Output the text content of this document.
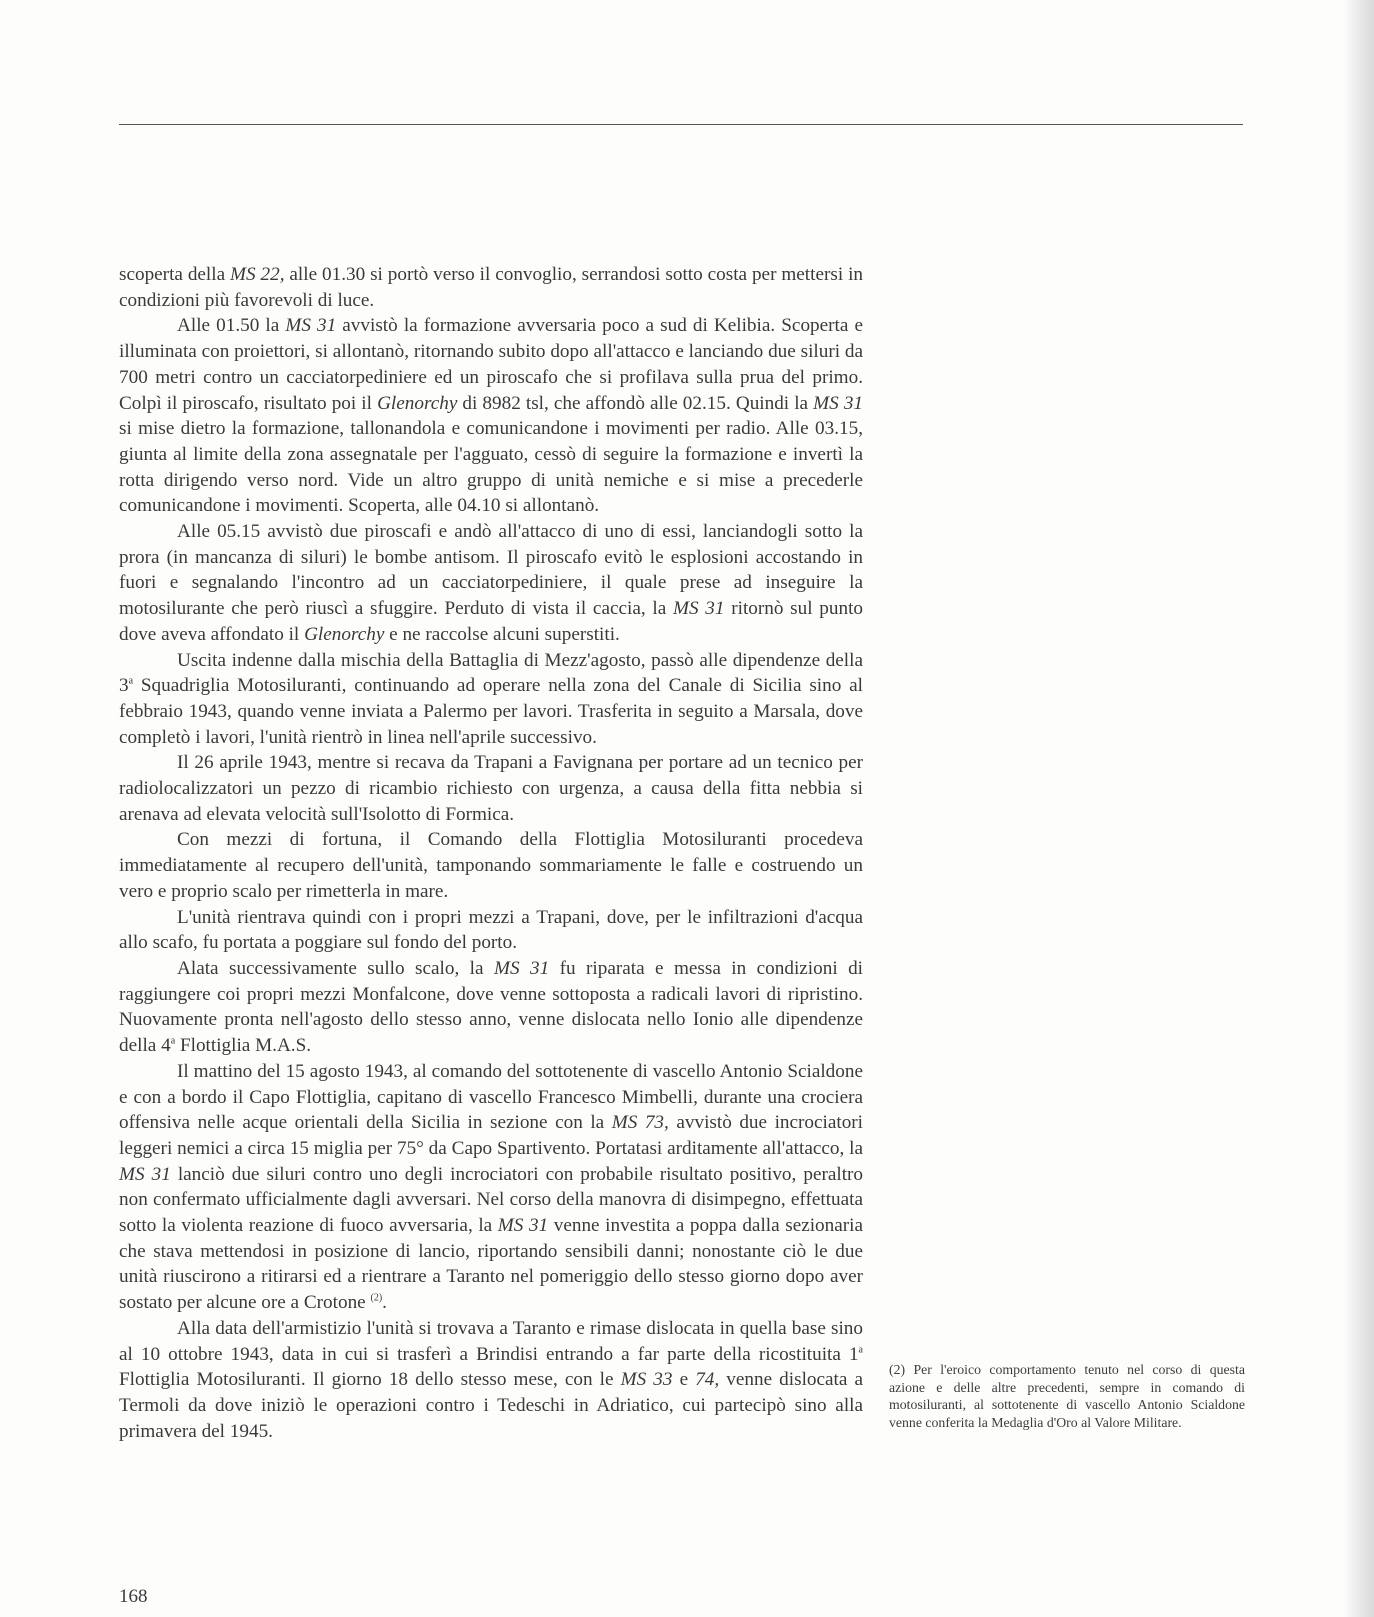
scoperta della MS 22, alle 01.30 si portò verso il convoglio, serrandosi sotto costa per mettersi in condizioni più favorevoli di luce.

Alle 01.50 la MS 31 avvistò la formazione avversaria poco a sud di Kelibia. Scoperta e illuminata con proiettori, si allontanò, ritornando subito dopo all'attacco e lanciando due siluri da 700 metri contro un cacciatorpediniere ed un piroscafo che si profilava sulla prua del primo. Colpì il piroscafo, risultato poi il Glenorchy di 8982 tsl, che affondò alle 02.15. Quindi la MS 31 si mise dietro la formazione, tallonandola e comunicandone i movimenti per radio. Alle 03.15, giunta al limite della zona assegnatale per l'agguato, cessò di seguire la formazione e invertì la rotta dirigendo verso nord. Vide un altro gruppo di unità nemiche e si mise a precederle comunicandone i movimenti. Scoperta, alle 04.10 si allontanò.

Alle 05.15 avvistò due piroscafi e andò all'attacco di uno di essi, lanciandogli sotto la prora (in mancanza di siluri) le bombe antisom. Il piroscafo evitò le esplosioni accostando in fuori e segnalando l'incontro ad un cacciatorpediniere, il quale prese ad inseguire la motosilurante che però riuscì a sfuggire. Perduto di vista il caccia, la MS 31 ritornò sul punto dove aveva affondato il Glenorchy e ne raccolse alcuni superstiti.

Uscita indenne dalla mischia della Battaglia di Mezz'agosto, passò alle dipendenze della 3$^a$ Squadriglia Motosiluranti, continuando ad operare nella zona del Canale di Sicilia sino al febbraio 1943, quando venne inviata a Palermo per lavori. Trasferita in seguito a Marsala, dove completò i lavori, l'unità rientrò in linea nell'aprile successivo.

Il 26 aprile 1943, mentre si recava da Trapani a Favignana per portare ad un tecnico per radiolocalizzatori un pezzo di ricambio richiesto con urgenza, a causa della fitta nebbia si arenava ad elevata velocità sull'Isolotto di Formica.

Con mezzi di fortuna, il Comando della Flottiglia Motosiluranti procedeva immediatamente al recupero dell'unità, tamponando sommariamente le falle e costruendo un vero e proprio scalo per rimetterla in mare.

L'unità rientrava quindi con i propri mezzi a Trapani, dove, per le infiltrazioni d'acqua allo scafo, fu portata a poggiare sul fondo del porto.

Alata successivamente sullo scalo, la MS 31 fu riparata e messa in condizioni di raggiungere coi propri mezzi Monfalcone, dove venne sottoposta a radicali lavori di ripristino. Nuovamente pronta nell'agosto dello stesso anno, venne dislocata nello Ionio alle dipendenze della 4$^a$ Flottiglia M.A.S.

Il mattino del 15 agosto 1943, al comando del sottotenente di vascello Antonio Scialdone e con a bordo il Capo Flottiglia, capitano di vascello Francesco Mimbelli, durante una crociera offensiva nelle acque orientali della Sicilia in sezione con la MS 73, avvistò due incrociatori leggeri nemici a circa 15 miglia per 75° da Capo Spartivento. Portatasi arditamente all'attacco, la MS 31 lanciò due siluri contro uno degli incrociatori con probabile risultato positivo, peraltro non confermato ufficialmente dagli avversari. Nel corso della manovra di disimpegno, effettuata sotto la violenta reazione di fuoco avversaria, la MS 31 venne investita a poppa dalla sezionaria che stava mettendosi in posizione di lancio, riportando sensibili danni; nonostante ciò le due unità riuscirono a ritirarsi ed a rientrare a Taranto nel pomeriggio dello stesso giorno dopo aver sostato per alcune ore a Crotone $^{(2)}$.

Alla data dell'armistizio l'unità si trovava a Taranto e rimase dislocata in quella base sino al 10 ottobre 1943, data in cui si trasferì a Brindisi entrando a far parte della ricostituita 1$^a$ Flottiglia Motosiluranti. Il giorno 18 dello stesso mese, con le MS 33 e 74, venne dislocata a Termoli da dove iniziò le operazioni contro i Tedeschi in Adriatico, cui partecipò sino alla primavera del 1945.

(2) Per l'eroico comportamento tenuto nel corso di questa azione e delle altre precedenti, sempre in comando di motosiluranti, al sottotenente di vascello Antonio Scialdone venne conferita la Medaglia d'Oro al Valore Militare.
168
